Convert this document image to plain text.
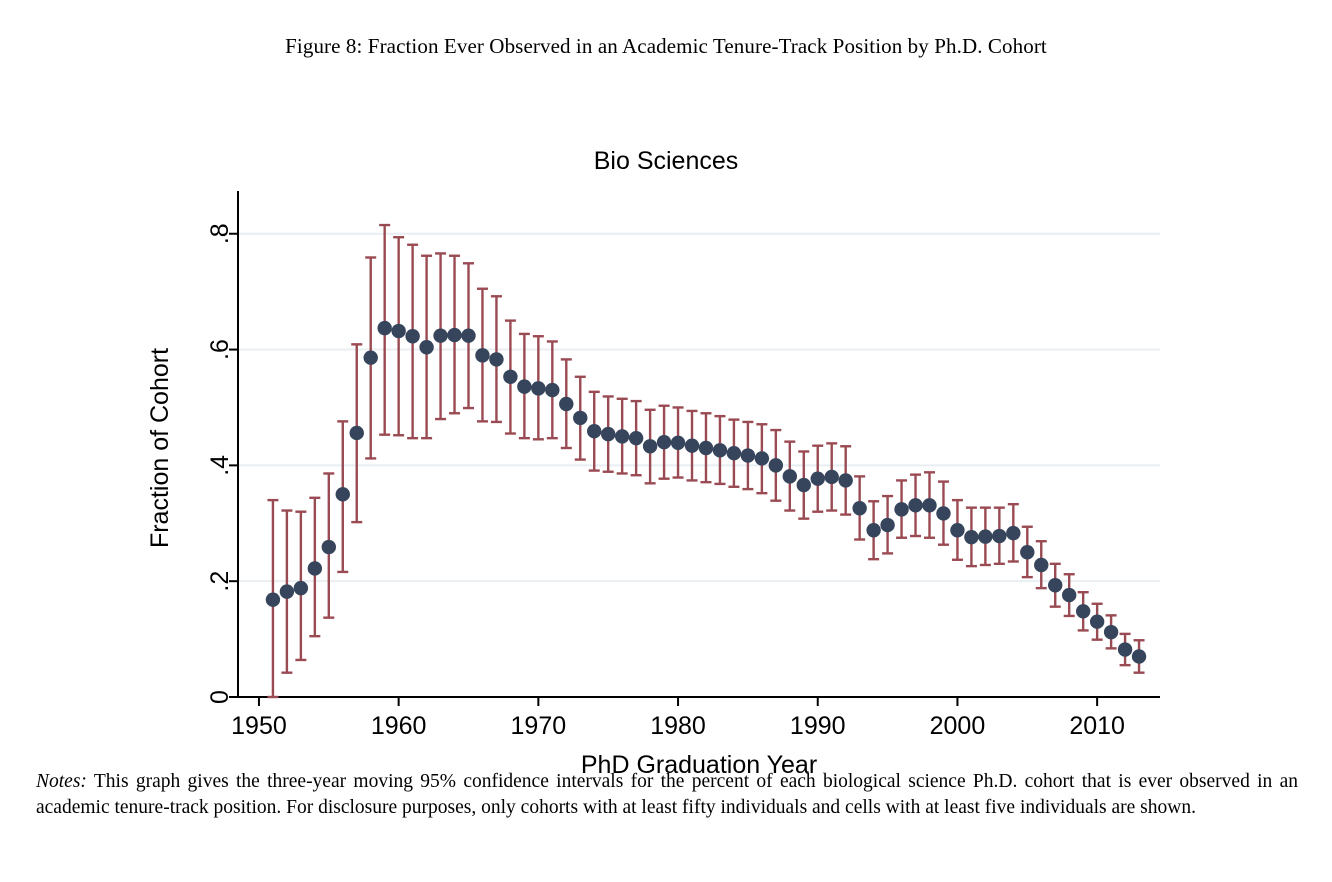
Figure 8: Fraction Ever Observed in an Academic Tenure-Track Position by Ph.D. Cohort
Bio Sciences
0
.2
.4
.6
.8
1950	1960	1970	1980	1990	2000	2010
PhD Graduation Year
Fraction of Cohort
Notes: This graph gives the three-year moving 95% confidence intervals for the percent of each biological science Ph.D. cohort that is ever observed in an academic tenure-track position. For disclosure purposes, only cohorts with at least fifty individuals and cells with at least five individuals are shown.
